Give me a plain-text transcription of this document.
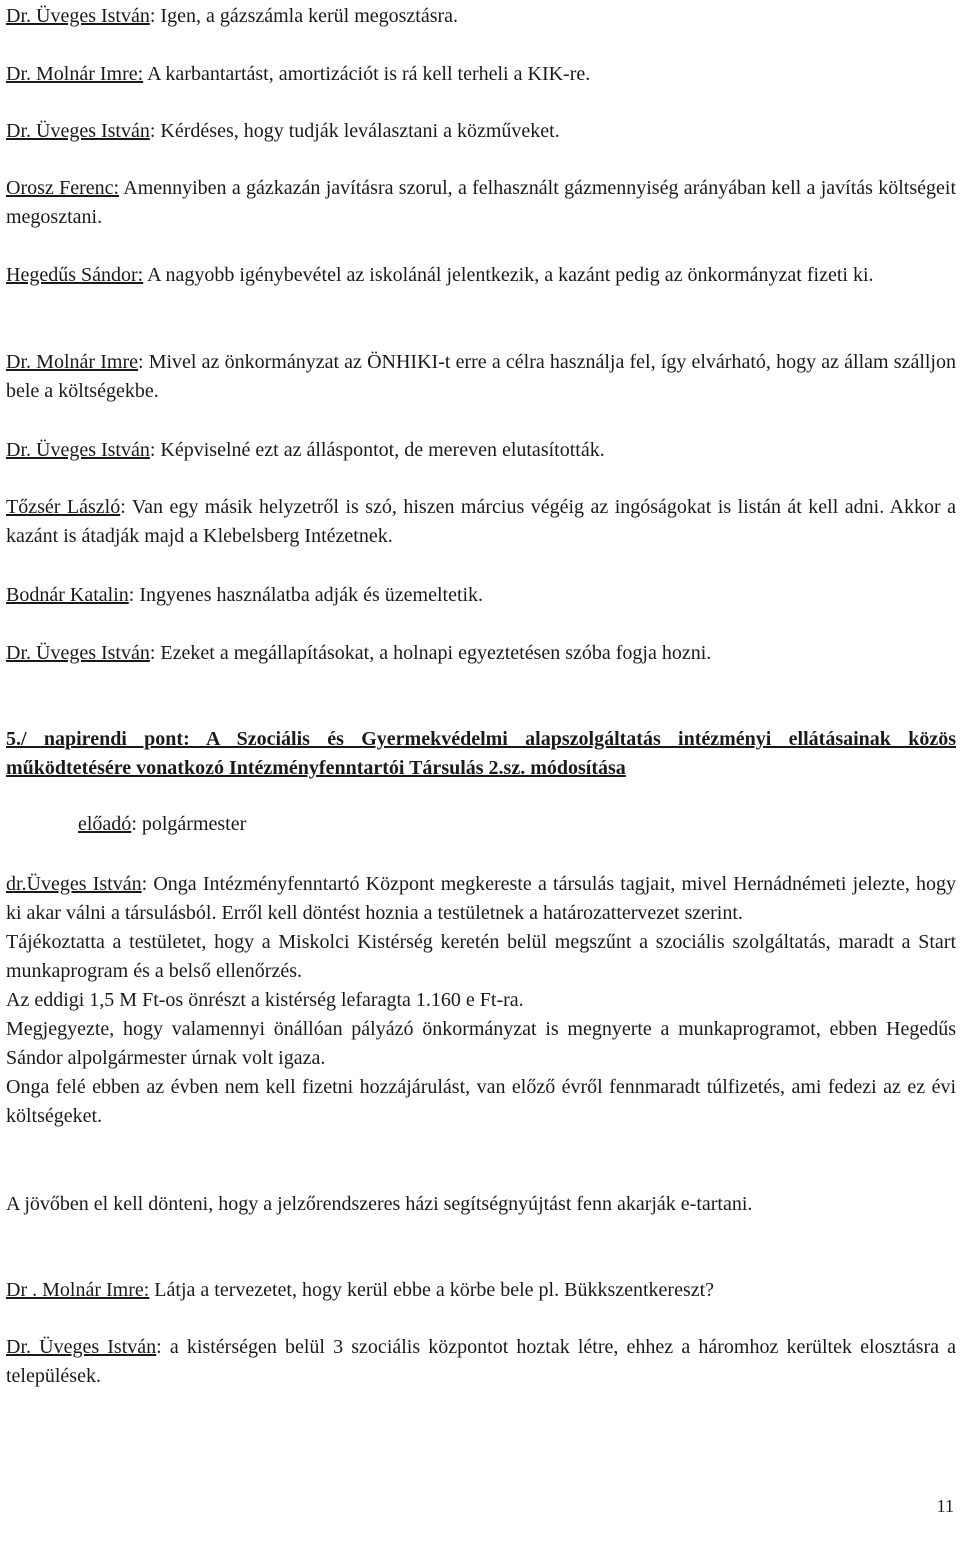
Dr. Üveges István: Igen, a gázszámla kerül megosztásra.

Dr. Molnár Imre: A karbantartást, amortizációt is rá kell terheli a KIK-re.

Dr. Üveges István: Kérdéses, hogy tudják leválasztani a közműveket.

Orosz Ferenc: Amennyiben a gázkazán javításra szorul, a felhasznált gázmennyiség arányában kell a javítás költségeit megosztani.

Hegedűs Sándor: A nagyobb igénybevétel az iskolánál jelentkezik, a kazánt pedig az önkormányzat fizeti ki.

Dr. Molnár Imre: Mivel az önkormányzat az ÖNHIKI-t erre a célra használja fel, így elvárható, hogy az állam szálljon bele a költségekbe.

Dr. Üveges István: Képviselné ezt az álláspontot, de mereven elutasították.

Tőzsér László: Van egy másik helyzetről is szó, hiszen március végéig az ingóságokat is listán át kell adni. Akkor a kazánt is átadják majd a Klebelsberg Intézetnek.

Bodnár Katalin: Ingyenes használatba adják és üzemeltetik.

Dr. Üveges István: Ezeket a megállapításokat, a holnapi egyeztetésen szóba fogja hozni.

5./ napirendi pont: A Szociális és Gyermekvédelmi alapszolgáltatás intézményi ellátásainak közös működtetésére vonatkozó Intézményfenntartói Társulás 2.sz. módosítása

előadó: polgármester

dr.Üveges István: Onga Intézményfenntartó Központ megkereste a társulás tagjait, mivel Hernádnémeti jelezte, hogy ki akar válni a társulásból. Erről kell döntést hoznia a testületnek a határozattervezet szerint.

Tájékoztatta a testületet, hogy a Miskolci Kistérség keretén belül megszűnt a szociális szolgáltatás, maradt a Start munkaprogram és a belső ellenőrzés.

Az eddigi 1,5 M Ft-os önrészt a kistérség lefaragta 1.160 e Ft-ra.

Megjegyezte, hogy valamennyi önállóan pályázó önkormányzat is megnyerte a munkaprogramot, ebben Hegedűs Sándor alpolgármester úrnak volt igaza.

Onga felé ebben az évben nem kell fizetni hozzájárulást, van előző évről fennmaradt túlfizetés, ami fedezi az ez évi költségeket.

A jövőben el kell dönteni, hogy a jelzőrendszeres házi segítségnyújtást fenn akarják e-tartani.

Dr . Molnár Imre: Látja a tervezetet, hogy kerül ebbe a körbe bele pl. Bükkszentkereszt?

Dr. Üveges István: a kistérségen belül 3 szociális központot hoztak létre, ehhez a háromhoz kerültek elosztásra a települések.

11
